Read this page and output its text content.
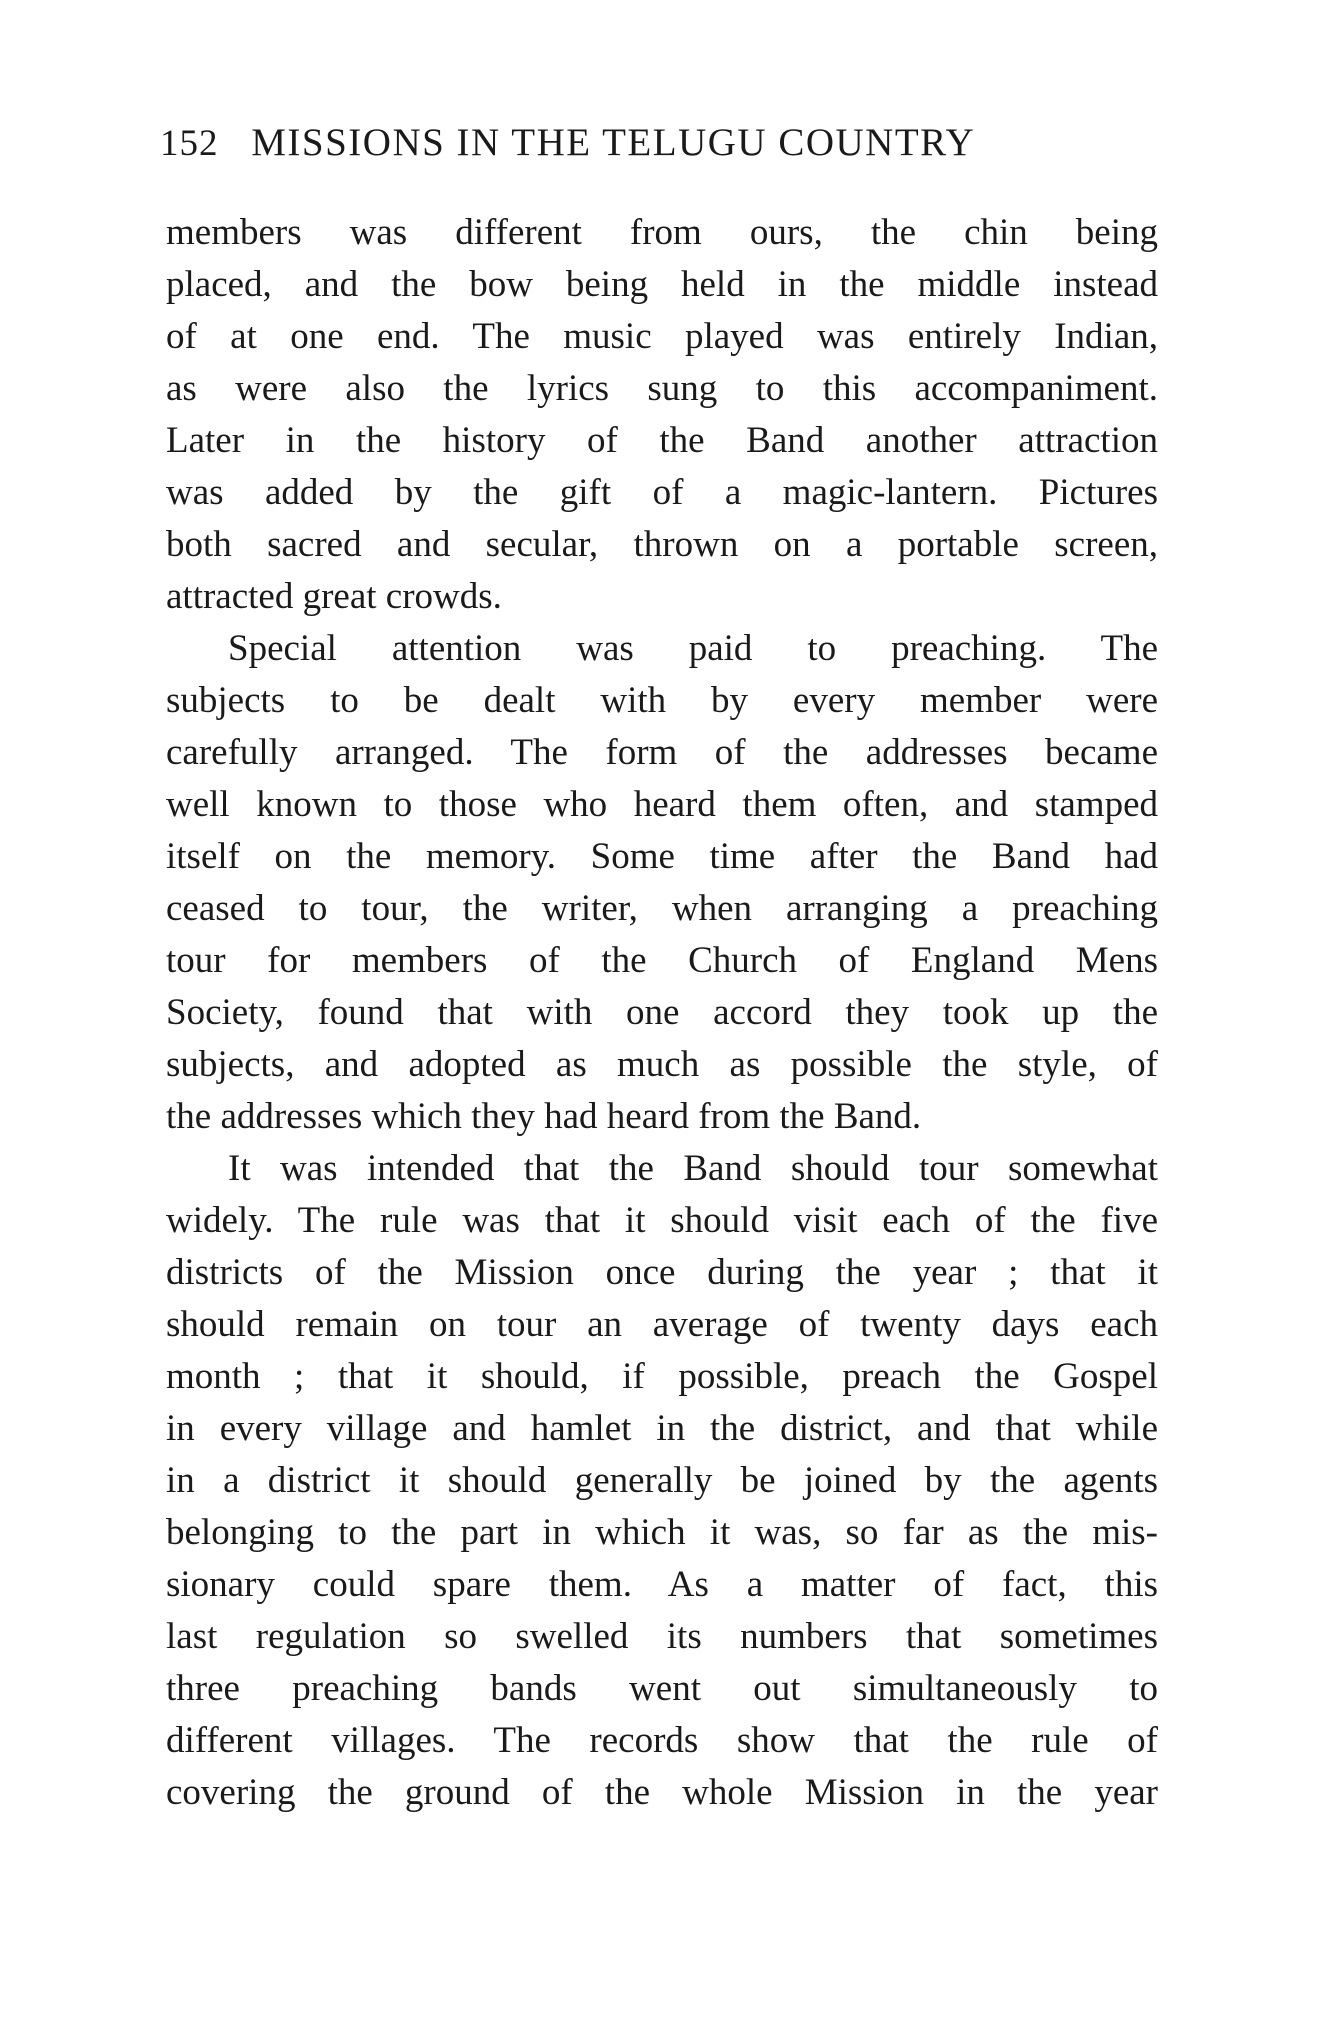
152 MISSIONS IN THE TELUGU COUNTRY
members was different from ours, the chin being
placed, and the bow being held in the middle instead
of at one end. The music played was entirely Indian,
as were also the lyrics sung to this accompaniment.
Later in the history of the Band another attraction
was added by the gift of a magic-lantern. Pictures
both sacred and secular, thrown on a portable screen,
attracted great crowds.
Special attention was paid to preaching. The
subjects to be dealt with by every member were
carefully arranged. The form of the addresses became
well known to those who heard them often, and stamped
itself on the memory. Some time after the Band had
ceased to tour, the writer, when arranging a preaching
tour for members of the Church of England Mens
Society, found that with one accord they took up the
subjects, and adopted as much as possible the style, of
the addresses which they had heard from the Band.
It was intended that the Band should tour somewhat
widely. The rule was that it should visit each of the five
districts of the Mission once during the year ; that it
should remain on tour an average of twenty days each
month ; that it should, if possible, preach the Gospel
in every village and hamlet in the district, and that while
in a district it should generally be joined by the agents
belonging to the part in which it was, so far as the mis-
sionary could spare them. As a matter of fact, this
last regulation so swelled its numbers that sometimes
three preaching bands went out simultaneously to
different villages. The records show that the rule of
covering the ground of the whole Mission in the year
